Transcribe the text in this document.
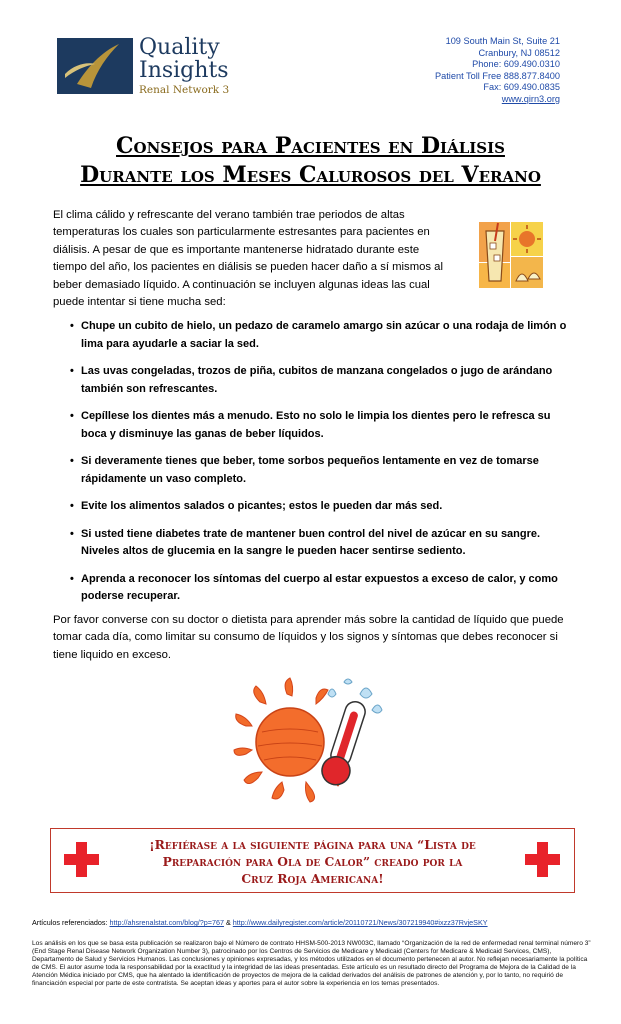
Quality
Insights
Renal Network 3
109 South Main St, Suite 21
Cranbury, NJ 08512
Phone: 609.490.0310
Patient Toll Free 888.877.8400
Fax: 609.490.0835
www.qirn3.org
Consejos para Pacientes en Diálisis
Durante los Meses Calurosos del Verano
El clima cálido y refrescante del verano también trae periodos de altas temperaturas los cuales son particularmente estresantes para pacientes en diálisis. A pesar de que es importante mantenerse hidratado durante este tiempo del año, los pacientes en diálisis se pueden hacer daño a sí mismos al beber demasiado líquido. A continuación se incluyen algunas ideas las cual puede intentar si tiene mucha sed:
• Chupe un cubito de hielo, un pedazo de caramelo amargo sin azúcar o una rodaja de limón o lima para ayudarle a saciar la sed.
• Las uvas congeladas, trozos de piña, cubitos de manzana congelados o jugo de arándano también son refrescantes.
• Cepíllese los dientes más a menudo. Esto no solo le limpia los dientes pero le refresca su boca y disminuye las ganas de beber líquidos.
• Si deveramente tienes que beber, tome sorbos pequeños lentamente en vez de tomarse rápidamente un vaso completo.
• Evite los alimentos salados o picantes; estos le pueden dar más sed.
• Si usted tiene diabetes trate de mantener buen control del nivel de azúcar en su sangre. Niveles altos de glucemia en la sangre le pueden hacer sentirse sediento.
• Aprenda a reconocer los síntomas del cuerpo al estar expuestos a exceso de calor, y como poderse recuperar.
Por favor converse con su doctor o dietista para aprender más sobre la cantidad de líquido que puede tomar cada día, como limitar su consumo de líquidos y los signos y síntomas que debes reconocer si tiene liquido en exceso.
¡Refiérase a la siguiente página para una “Lista de
Preparación para Ola de Calor” creado por la
Cruz Roja Americana!
Artículos referenciados: http://ahsrenalstat.com/blog/?p=767 & http://www.dailyregister.com/article/20110721/News/307219940#ixzz37RvjeSKY
Los análisis en los que se basa esta publicación se realizaron bajo el Número de contrato HHSM-500-2013 NW003C, llamado “Organización de la red de enfermedad renal terminal número 3” (End Stage Renal Disease Network Organization Number 3), patrocinado por los Centros de Servicios de Medicare y Medicaid (Centers for Medicare & Medicaid Services, CMS), Departamento de Salud y Servicios Humanos. Las conclusiones y opiniones expresadas, y los métodos utilizados en el documento pertenecen al autor. No reflejan necesariamente la política de CMS. El autor asume toda la responsabilidad por la exactitud y la integridad de las ideas presentadas. Este artículo es un resultado directo del Programa de Mejora de la Calidad de la Atención Médica iniciado por CMS, que ha alentado la identificación de proyectos de mejora de la calidad derivados del análisis de patrones de atención y, por lo tanto, no requirió de financiación especial por parte de este contratista. Se aceptan ideas y aportes para el autor sobre la experiencia en los temas presentados.
